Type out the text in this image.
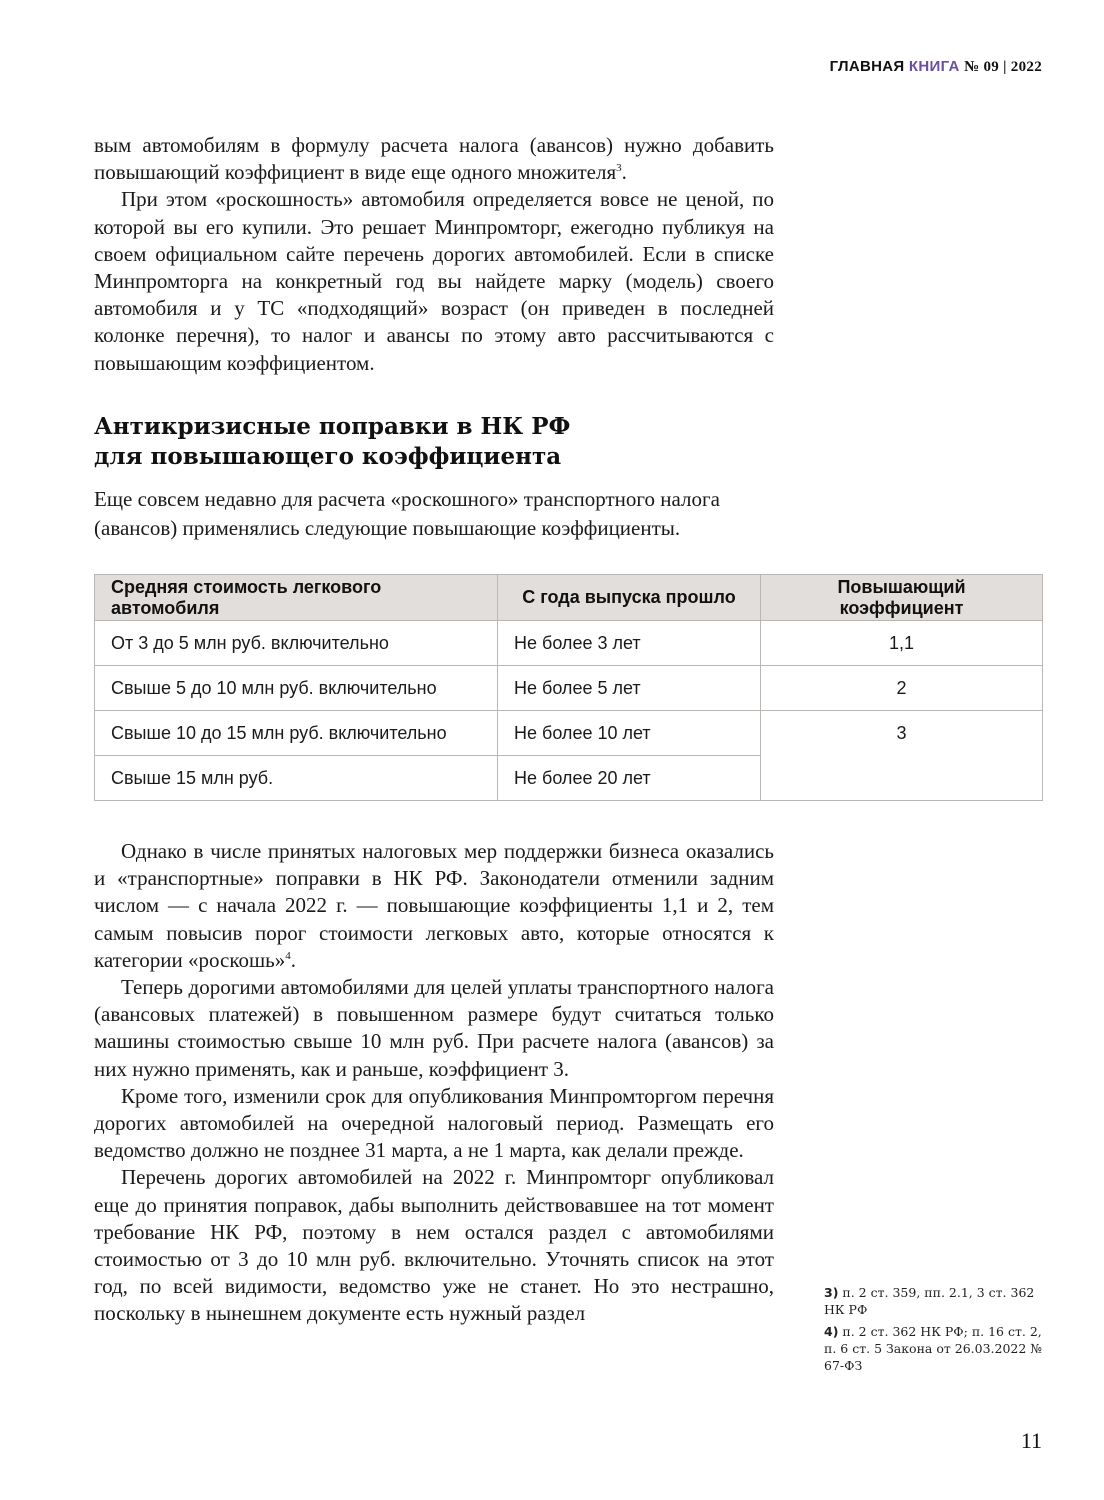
ГЛАВНАЯ КНИГА № 09 | 2022

вым автомобилям в формулу расчета налога (авансов) нужно добавить повышающий коэффициент в виде еще одного множителя$^3$.

При этом «роскошность» автомобиля определяется вовсе не ценой, по которой вы его купили. Это решает Минпромторг, ежегодно публикуя на своем официальном сайте перечень дорогих автомобилей. Если в списке Минпромторга на конкретный год вы найдете марку (модель) своего автомобиля и у ТС «подходящий» возраст (он приведен в последней колонке перечня), то налог и авансы по этому авто рассчитываются с повышающим коэффициентом.

Антикризисные поправки в НК РФ
для повышающего коэффициента

Еще совсем недавно для расчета «роскошного» транспортного налога (авансов) применялись следующие повышающие коэффициенты.

Средняя стоимость легкового автомобиля	С года выпуска прошло	Повышающий коэффициент
От 3 до 5 млн руб. включительно	Не более 3 лет	1,1
Свыше 5 до 10 млн руб. включительно	Не более 5 лет	2
Свыше 10 до 15 млн руб. включительно	Не более 10 лет	3
Свыше 15 млн руб.	Не более 20 лет	

Однако в числе принятых налоговых мер поддержки бизнеса оказались и «транспортные» поправки в НК РФ. Законодатели отменили задним числом — с начала 2022 г. — повышающие коэффициенты 1,1 и 2, тем самым повысив порог стоимости легковых авто, которые относятся к категории «роскошь»$^4$.

Теперь дорогими автомобилями для целей уплаты транспортного налога (авансовых платежей) в повышенном размере будут считаться только машины стоимостью свыше 10 млн руб. При расчете налога (авансов) за них нужно применять, как и раньше, коэффициент 3.

Кроме того, изменили срок для опубликования Минпромторгом перечня дорогих автомобилей на очередной налоговый период. Размещать его ведомство должно не позднее 31 марта, а не 1 марта, как делали прежде.

Перечень дорогих автомобилей на 2022 г. Минпромторг опубликовал еще до принятия поправок, дабы выполнить действовавшее на тот момент требование НК РФ, поэтому в нем остался раздел с автомобилями стоимостью от 3 до 10 млн руб. включительно. Уточнять список на этот год, по всей видимости, ведомство уже не станет. Но это нестрашно, поскольку в нынешнем документе есть нужный раздел

3) п. 2 ст. 359, пп. 2.1, 3 ст. 362 НК РФ

4) п. 2 ст. 362 НК РФ; п. 16 ст. 2, п. 6 ст. 5 Закона от 26.03.2022 № 67-ФЗ

11
